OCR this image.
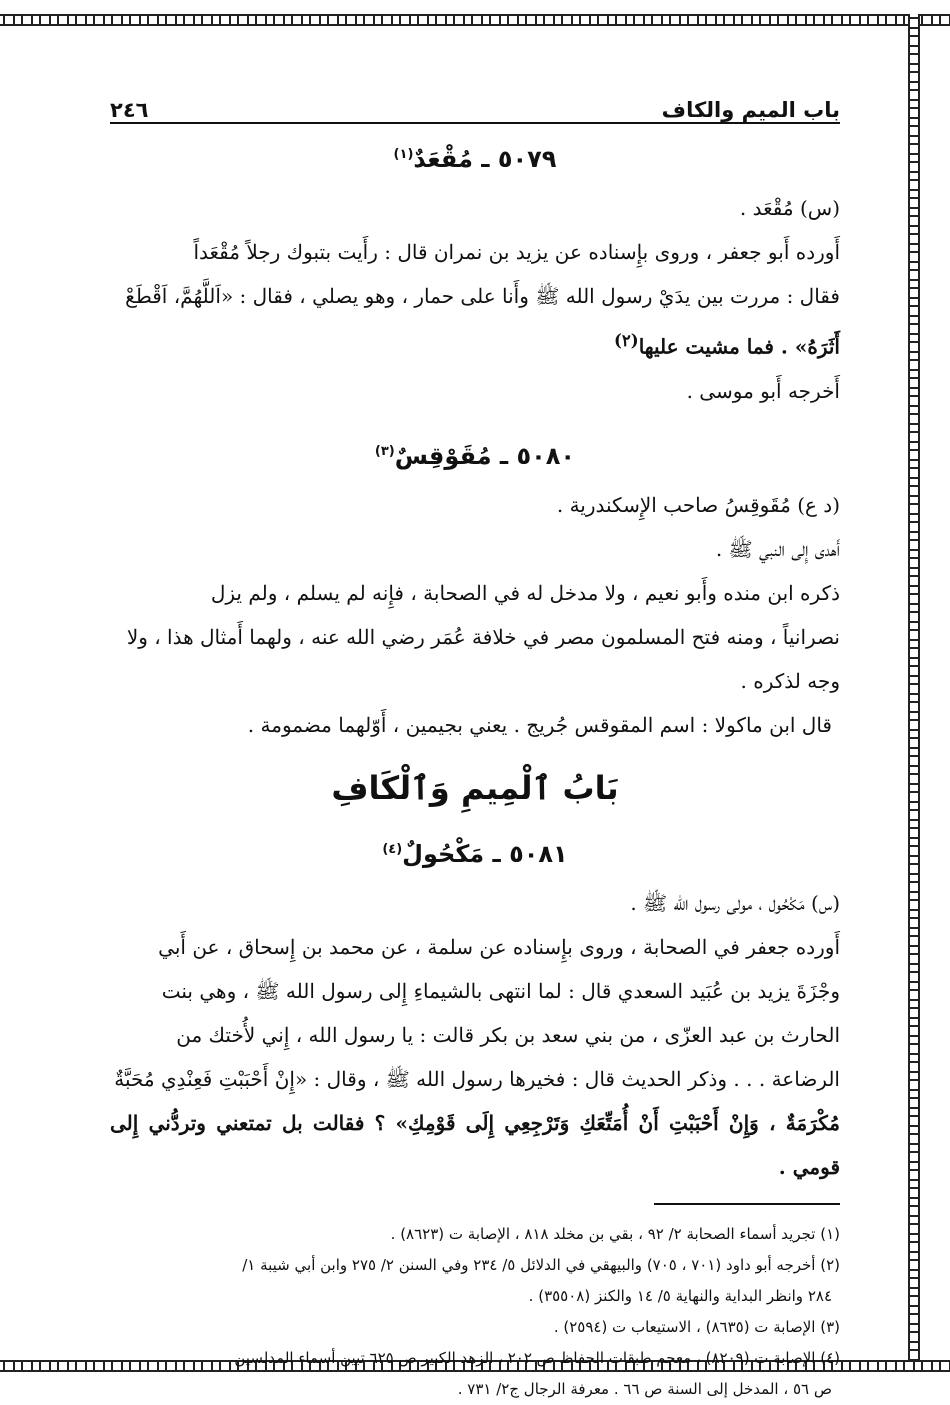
باب الميم والكاف
٢٤٦
٥٠٧٩ ـ مُقْعَدٌ$^{(١)}$

(س) مُقْعَد .

أَورده أَبو جعفر ، وروى بإِسناده عن يزيد بن نمران قال : رأَيت بتبوك رجلاً مُقْعَداً

فقال : مررت بين يدَيْ رسول الله ﷺ وأَنا على حمار ، وهو يصلي ، فقال : «اَللَّهُمَّ، اَقْطَعْ

أَثَرَهُ» . فما مشيت عليها$^{(٢)}$

أَخرجه أَبو موسى .

٥٠٨٠ ـ مُقَوْقِسٌ$^{(٣)}$

(د ع) مُقَوقِسُ صاحب الإِسكندرية .

أَهدى إِلى النبي ﷺ .

ذكره ابن منده وأَبو نعيم ، ولا مدخل له في الصحابة ، فإِنه لم يسلم ، ولم يزل

نصرانياً ، ومنه فتح المسلمون مصر في خلافة عُمَر رضي الله عنه ، ولهما أَمثال هذا ، ولا

وجه لذكره .

قال ابن ماكولا : اسم المقوقس جُريج . يعني بجيمين ، أَوّلهما مضمومة .

بَابُ ٱلْمِيمِ وَٱلْكَافِ
٥٠٨١ ـ مَكْحُولٌ$^{(٤)}$

(س) مَكْحُول ، مولى رسول الله ﷺ .

أَورده جعفر في الصحابة ، وروى بإِسناده عن سلمة ، عن محمد بن إِسحاق ، عن أَبي

وجْزَةَ يزيد بن عُبَيد السعدي قال : لما انتهى بالشيماءِ إِلى رسول الله ﷺ ، وهي بنت

الحارث بن عبد العزّى ، من بني سعد بن بكر قالت : يا رسول الله ، إِني لأُختك من

الرضاعة . . . وذكر الحديث قال : فخيرها رسول الله ﷺ ، وقال : «إِنْ أَحْبَبْتِ فَعِنْدِي مُحَبَّةٌ

مُكْرَمَةٌ ، وَإِنْ أَحْبَبْتِ أَنْ أُمَتِّعَكِ وَتَرْجِعِي إِلَى قَوْمِكِ» ؟ فقالت بل تمتعني وتردُّني إِلى قومي .

(١) تجريد أسماء الصحابة ٢/ ٩٢ ، بقي بن مخلد ٨١٨ ، الإصابة ت (٨٦٢٣) .

(٢) أخرجه أبو داود (٧٠١ ، ٧٠٥) والبيهقي في الدلائل ٥/ ٢٣٤ وفي السنن ٢/ ٢٧٥ وابن أبي شيبة ١/

٢٨٤ وانظر البداية والنهاية ٥/ ١٤ والكنز (٣٥٥٠٨) .

(٣) الإصابة ت (٨٦٣٥) ، الاستيعاب ت (٢٥٩٤) .

(٤) الإصابة ت (٨٢٠٩) ، معجم طبقات الحفاظ ص ٢٠٢ ، الزهد الكبير ص ٦٢٥ تبين أسماء المدلسين

ص ٥٦ ، المدخل إلى السنة ص ٦٦ . معرفة الرجال ج٢/ ٧٣١ .
